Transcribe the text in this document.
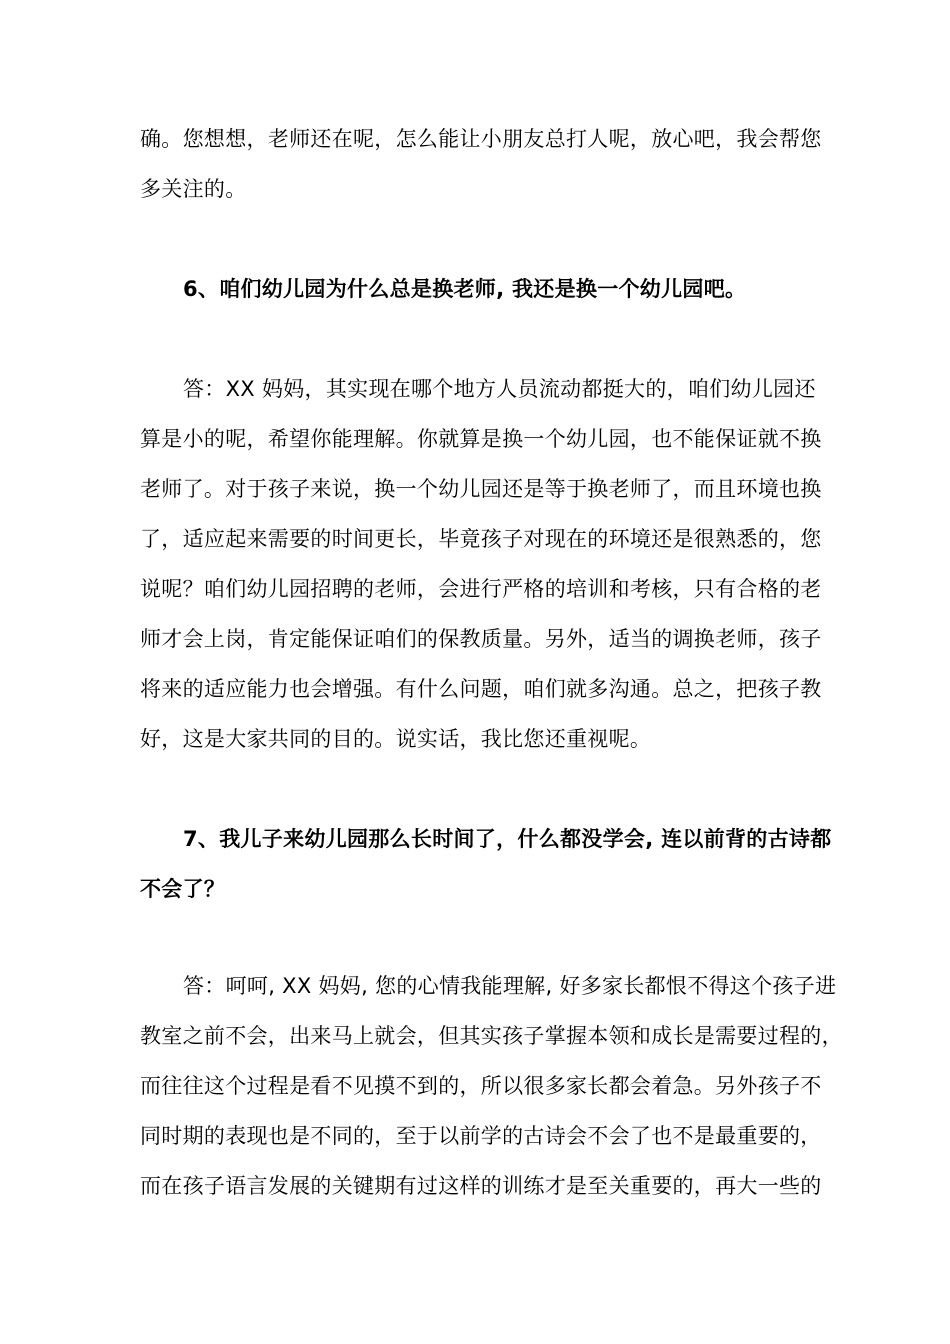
确。您想想，老师还在呢，怎么能让小朋友总打人呢，放心吧，我会帮您
多关注的。
6、咱们幼儿园为什么总是换老师, 我还是换一个幼儿园吧。
答：XX 妈妈，其实现在哪个地方人员流动都挺大的，咱们幼儿园还
算是小的呢，希望你能理解。你就算是换一个幼儿园，也不能保证就不换
老师了。对于孩子来说，换一个幼儿园还是等于换老师了，而且环境也换
了，适应起来需要的时间更长，毕竟孩子对现在的环境还是很熟悉的，您
说呢？咱们幼儿园招聘的老师，会进行严格的培训和考核，只有合格的老
师才会上岗，肯定能保证咱们的保教质量。另外，适当的调换老师，孩子
将来的适应能力也会增强。有什么问题，咱们就多沟通。总之，把孩子教
好，这是大家共同的目的。说实话，我比您还重视呢。
7、我儿子来幼儿园那么长时间了，什么都没学会, 连以前背的古诗都
不会了？
答：呵呵, XX 妈妈, 您的心情我能理解, 好多家长都恨不得这个孩子进
教室之前不会，出来马上就会，但其实孩子掌握本领和成长是需要过程的，
而往往这个过程是看不见摸不到的，所以很多家长都会着急。另外孩子不
同时期的表现也是不同的，至于以前学的古诗会不会了也不是最重要的，
而在孩子语言发展的关键期有过这样的训练才是至关重要的，再大一些的
